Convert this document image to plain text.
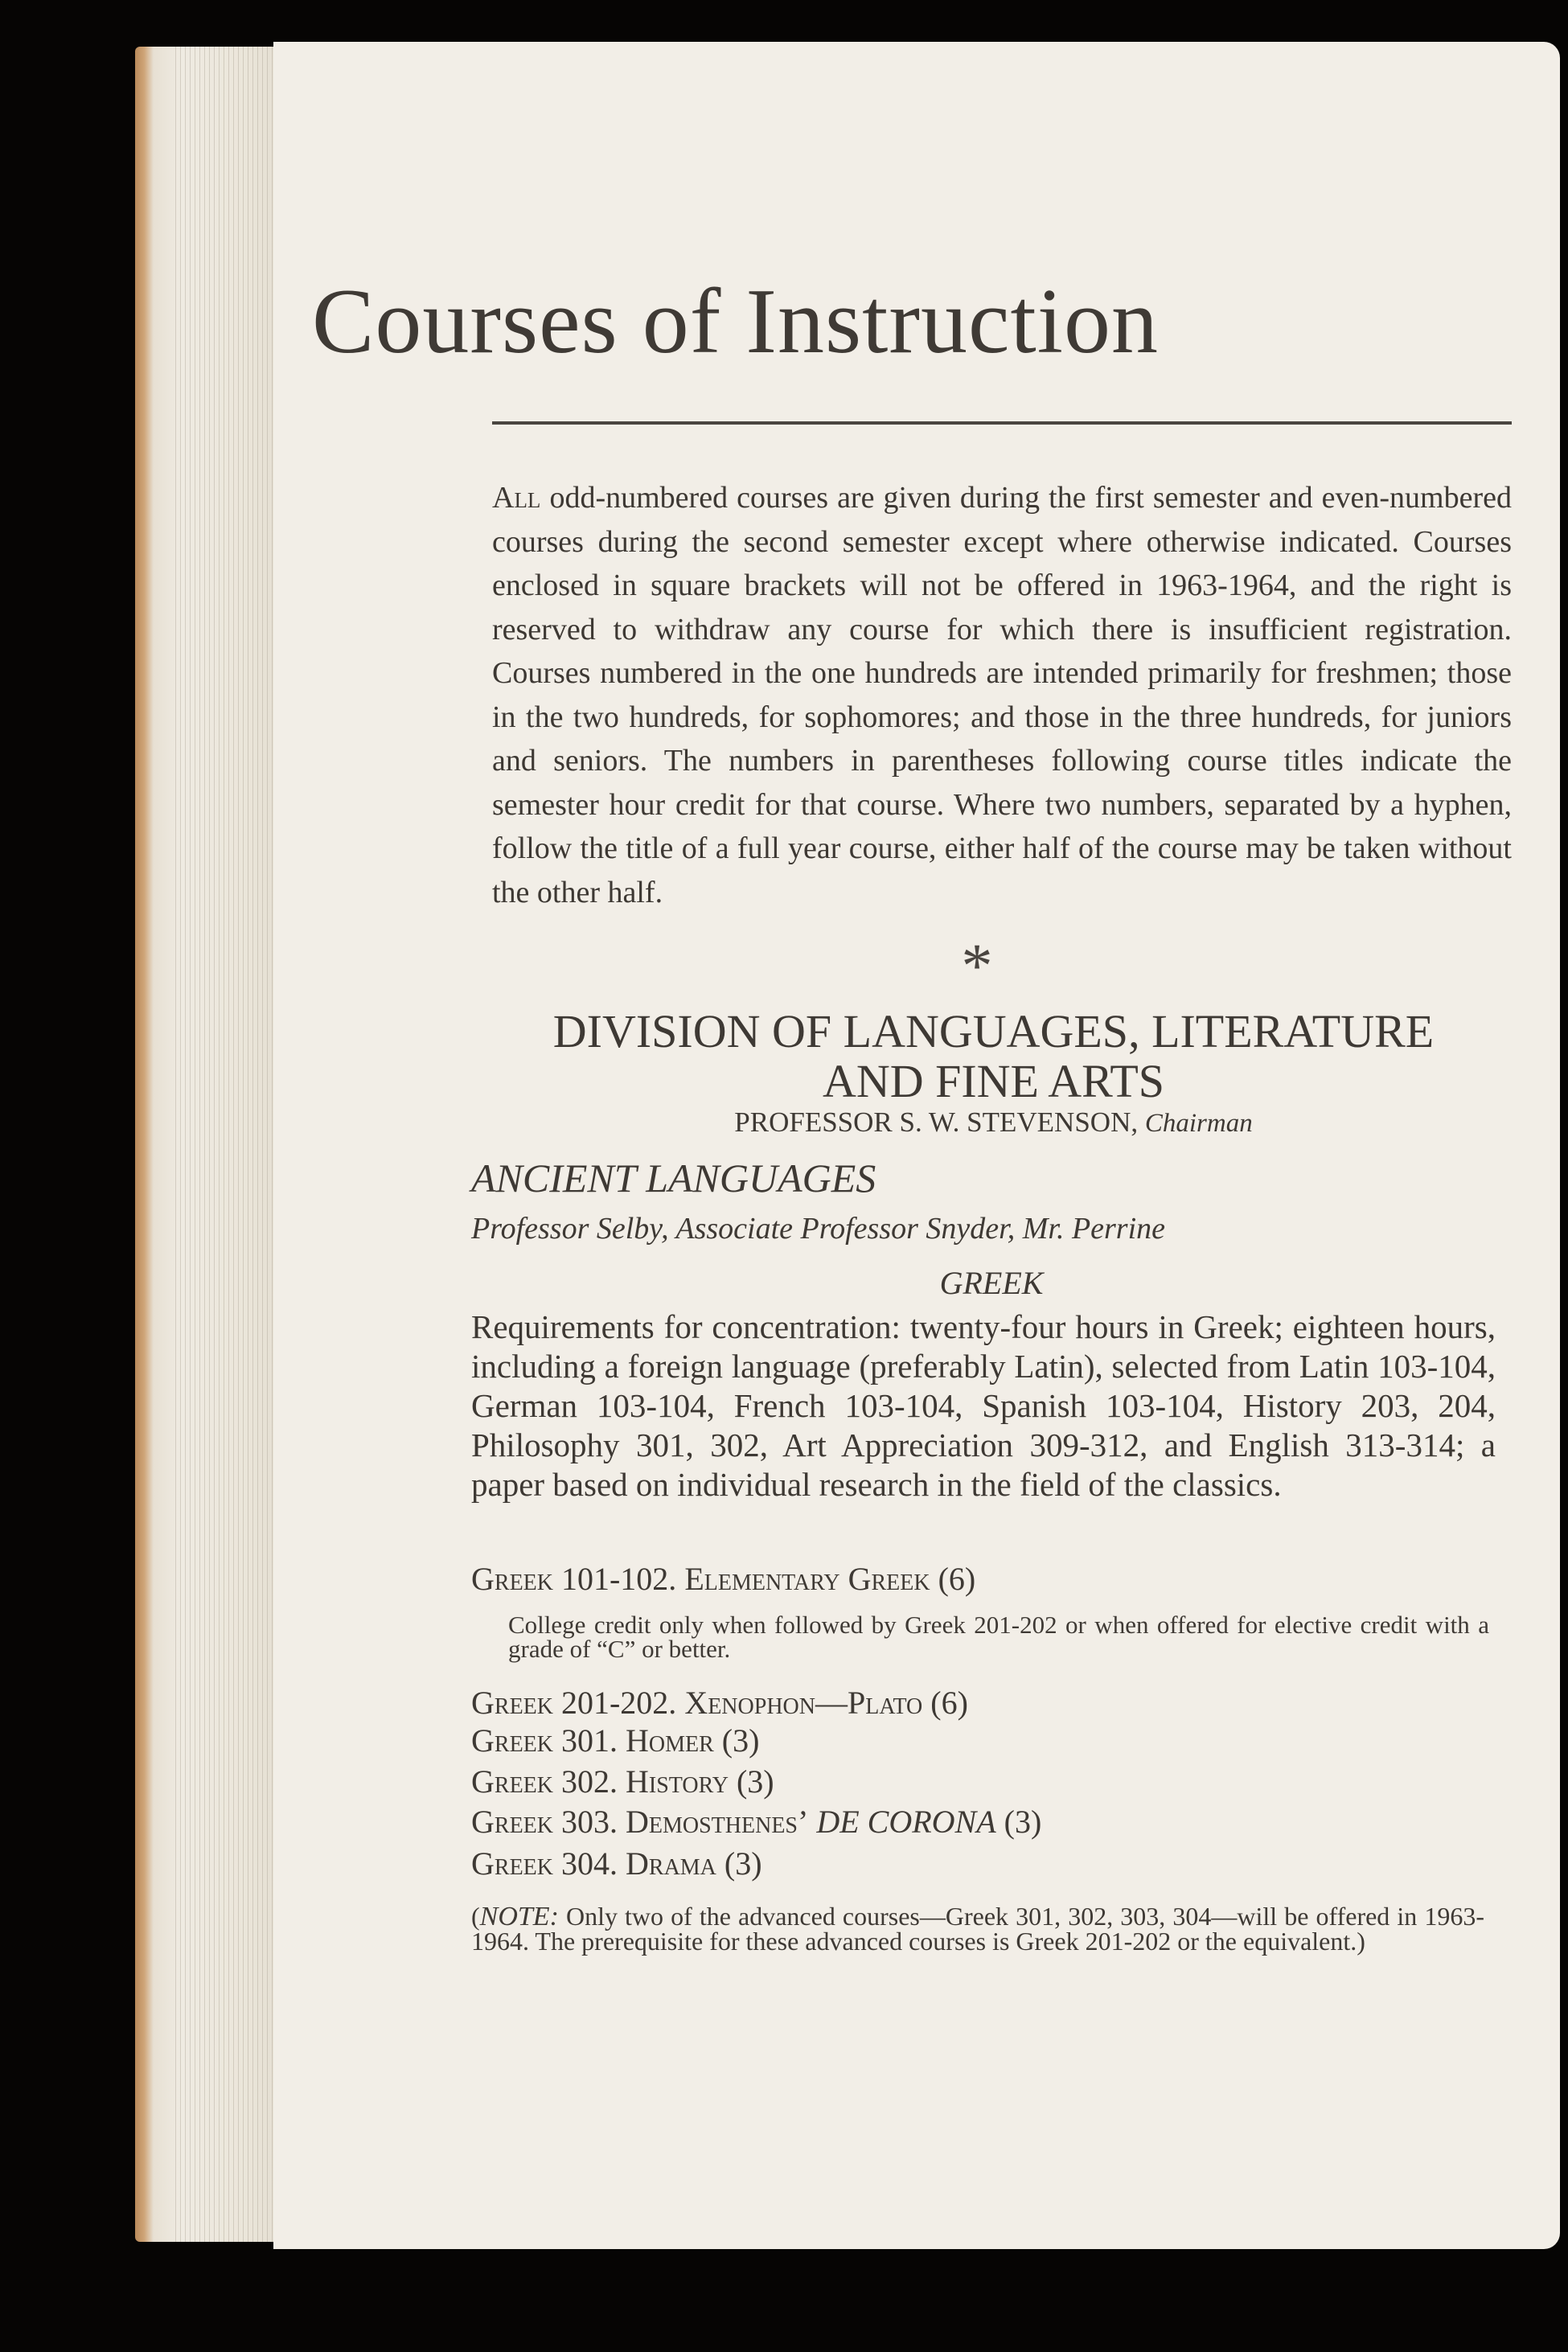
Courses of Instruction

All odd-numbered courses are given during the first semester and even-numbered courses during the second semester except where otherwise indicated. Courses enclosed in square brackets will not be offered in 1963-1964, and the right is reserved to withdraw any course for which there is insufficient registration. Courses numbered in the one hundreds are intended primarily for freshmen; those in the two hundreds, for sophomores; and those in the three hundreds, for juniors and seniors. The numbers in parentheses following course titles indicate the semester hour credit for that course. Where two numbers, separated by a hyphen, follow the title of a full year course, either half of the course may be taken without the other half.

*
DIVISION OF LANGUAGES, LITERATURE
AND FINE ARTS
PROFESSOR S. W. STEVENSON, Chairman
ANCIENT LANGUAGES
Professor Selby, Associate Professor Snyder, Mr. Perrine
GREEK

Requirements for concentration: twenty-four hours in Greek; eighteen hours, including a foreign language (preferably Latin), selected from Latin 103-104, German 103-104, French 103-104, Spanish 103-104, History 203, 204, Philosophy 301, 302, Art Appreciation 309-312, and English 313-314; a paper based on individual research in the field of the classics.

Greek 101-102. Elementary Greek (6)
College credit only when followed by Greek 201-202 or when offered for elective credit with a grade of “C” or better.
Greek 201-202. Xenophon—Plato (6)
Greek 301. Homer (3)
Greek 302. History (3)
Greek 303. Demosthenes’ DE CORONA (3)
Greek 304. Drama (3)
(NOTE: Only two of the advanced courses—Greek 301, 302, 303, 304—will be offered in 1963-1964. The prerequisite for these advanced courses is Greek 201-202 or the equivalent.)
